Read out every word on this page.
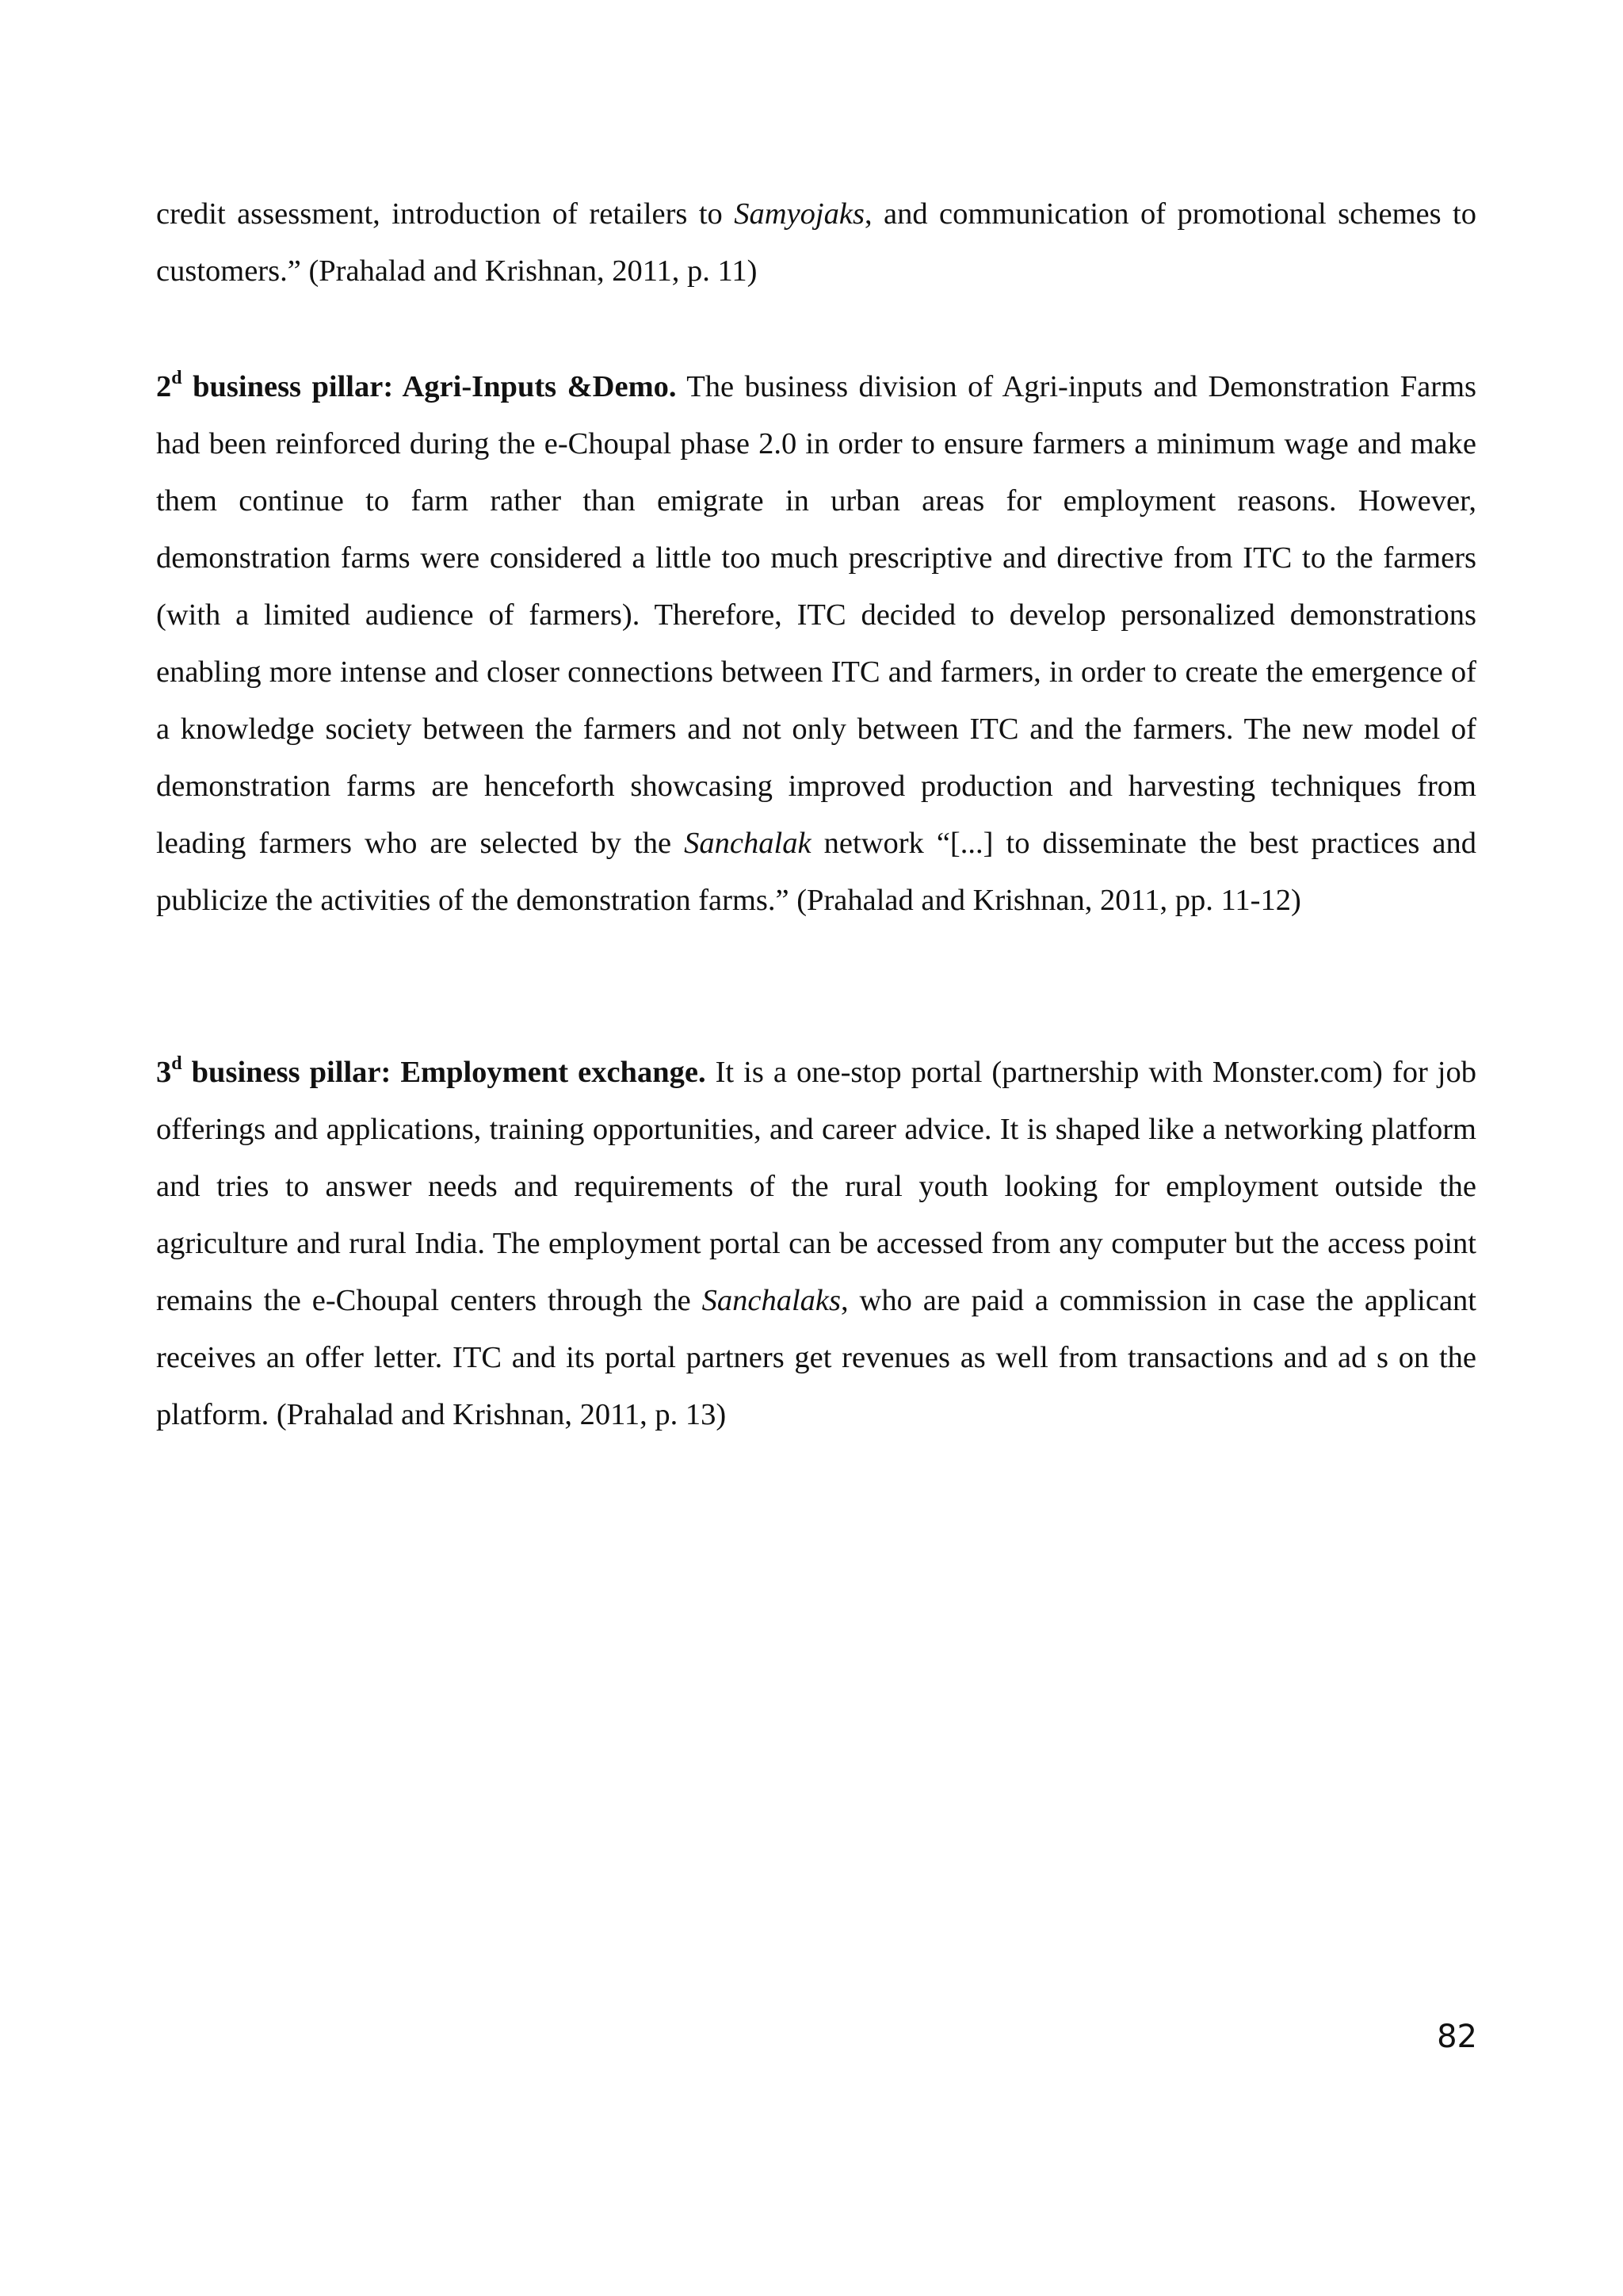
credit assessment, introduction of retailers to Samyojaks, and communication of promotional schemes to customers.” (Prahalad and Krishnan, 2011, p. 11)

2$^d$ business pillar: Agri-Inputs &Demo. The business division of Agri-inputs and Demonstration Farms had been reinforced during the e-Choupal phase 2.0 in order to ensure farmers a minimum wage and make them continue to farm rather than emigrate in urban areas for employment reasons. However, demonstration farms were considered a little too much prescriptive and directive from ITC to the farmers (with a limited audience of farmers). Therefore, ITC decided to develop personalized demonstrations enabling more intense and closer connections between ITC and farmers, in order to create the emergence of a knowledge society between the farmers and not only between ITC and the farmers. The new model of demonstration farms are henceforth showcasing improved production and harvesting techniques from leading farmers who are selected by the Sanchalak network “[...] to disseminate the best practices and publicize the activities of the demonstration farms.” (Prahalad and Krishnan, 2011, pp. 11-12)

3$^d$ business pillar: Employment exchange. It is a one-stop portal (partnership with Monster.com) for job offerings and applications, training opportunities, and career advice. It is shaped like a networking platform and tries to answer needs and requirements of the rural youth looking for employment outside the agriculture and rural India. The employment portal can be accessed from any computer but the access point remains the e-Choupal centers through the Sanchalaks, who are paid a commission in case the applicant receives an offer letter. ITC and its portal partners get revenues as well from transactions and ad s on the platform. (Prahalad and Krishnan, 2011, p. 13)

82
